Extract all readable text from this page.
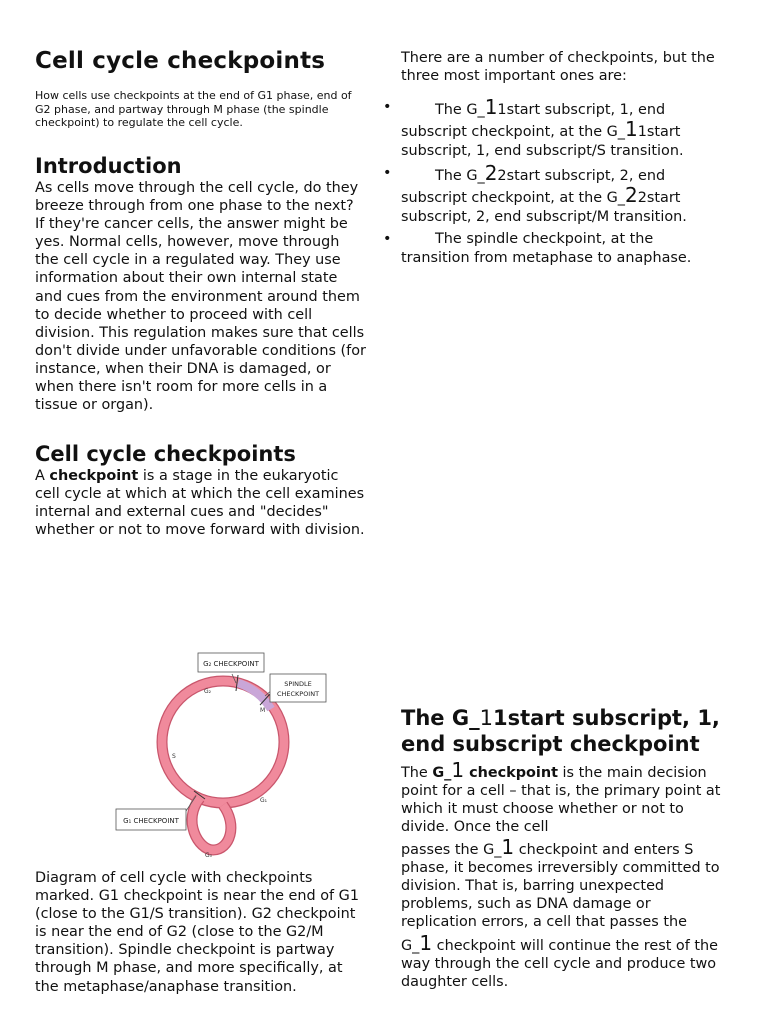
Cell cycle checkpoints

How cells use checkpoints at the end of G1 phase, end of G2 phase, and partway through M phase (the spindle checkpoint) to regulate the cell cycle.

Introduction

As cells move through the cell cycle, do they breeze through from one phase to the next? If they're cancer cells, the answer might be yes. Normal cells, however, move through the cell cycle in a regulated way. They use information about their own internal state and cues from the environment around them to decide whether to proceed with cell division. This regulation makes sure that cells don't divide under unfavorable conditions (for instance, when their DNA is damaged, or when there isn't room for more cells in a tissue or organ).

Cell cycle checkpoints

A checkpoint is a stage in the eukaryotic cell cycle at which at which the cell examines internal and external cues and "decides" whether or not to move forward with division.

G₂ CHECKPOINT
SPINDLE
CHECKPOINT
G₁ CHECKPOINT
G₂
M
S
G₁
G₀

Diagram of cell cycle with checkpoints marked. G1 checkpoint is near the end of G1 (close to the G1/S transition). G2 checkpoint is near the end of G2 (close to the G2/M transition). Spindle checkpoint is partway through M phase, and more specifically, at the metaphase/anaphase transition.

There are a number of checkpoints, but the three most important ones are:

•	The G_11start subscript, 1, end
subscript checkpoint, at the G_11start
subscript, 1, end subscript/S transition.
•	The G_22start subscript, 2, end
subscript checkpoint, at the G_22start
subscript, 2, end subscript/M transition.
•	The spindle checkpoint, at the
transition from metaphase to anaphase.
The G_11start subscript, 1,
end subscript checkpoint

The G_1 checkpoint is the main decision point for a cell – that is, the primary point at which it must choose whether or not to divide. Once the cell

passes the G_1 checkpoint and enters S
phase, it becomes irreversibly committed to division. That is, barring unexpected problems, such as DNA damage or replication errors, a cell that passes the

G_1 checkpoint will continue the rest of the way through the cell cycle and produce two daughter cells.
